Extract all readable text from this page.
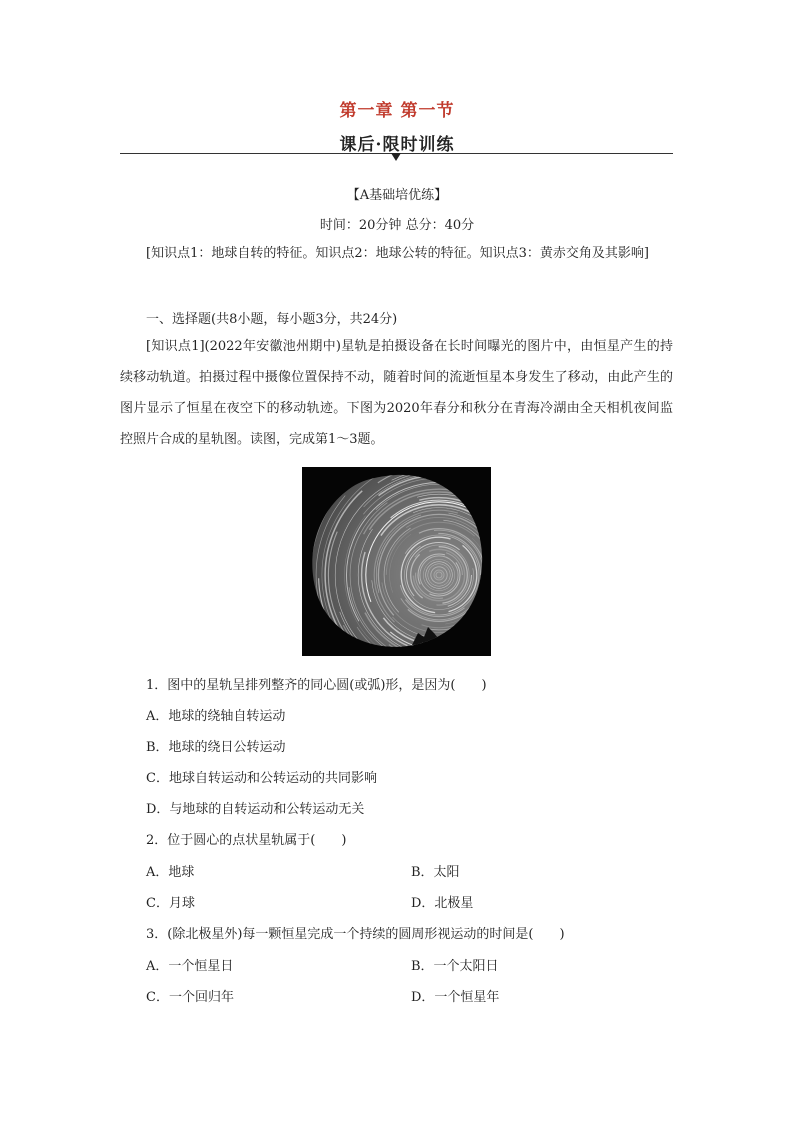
第一章 第一节
课后·限时训练
【A基础培优练】
时间：20分钟 总分：40分
[知识点1：地球自转的特征。知识点2：地球公转的特征。知识点3：黄赤交角及其影响]
一、选择题(共8小题，每小题3分，共24分)
[知识点1](2022年安徽池州期中)星轨是拍摄设备在长时间曝光的图片中，由恒星产生的持续移动轨道。拍摄过程中摄像位置保持不动，随着时间的流逝恒星本身发生了移动，由此产生的图片显示了恒星在夜空下的移动轨迹。下图为2020年春分和秋分在青海冷湖由全天相机夜间监控照片合成的星轨图。读图，完成第1～3题。
1．图中的星轨呈排列整齐的同心圆(或弧)形，是因为(　　)
A．地球的绕轴自转运动
B．地球的绕日公转运动
C．地球自转运动和公转运动的共同影响
D．与地球的自转运动和公转运动无关
2．位于圆心的点状星轨属于(　　)
A．地球	B．太阳
C．月球	D．北极星
3．(除北极星外)每一颗恒星完成一个持续的圆周形视运动的时间是(　　)
A．一个恒星日	B．一个太阳日
C．一个回归年	D．一个恒星年
